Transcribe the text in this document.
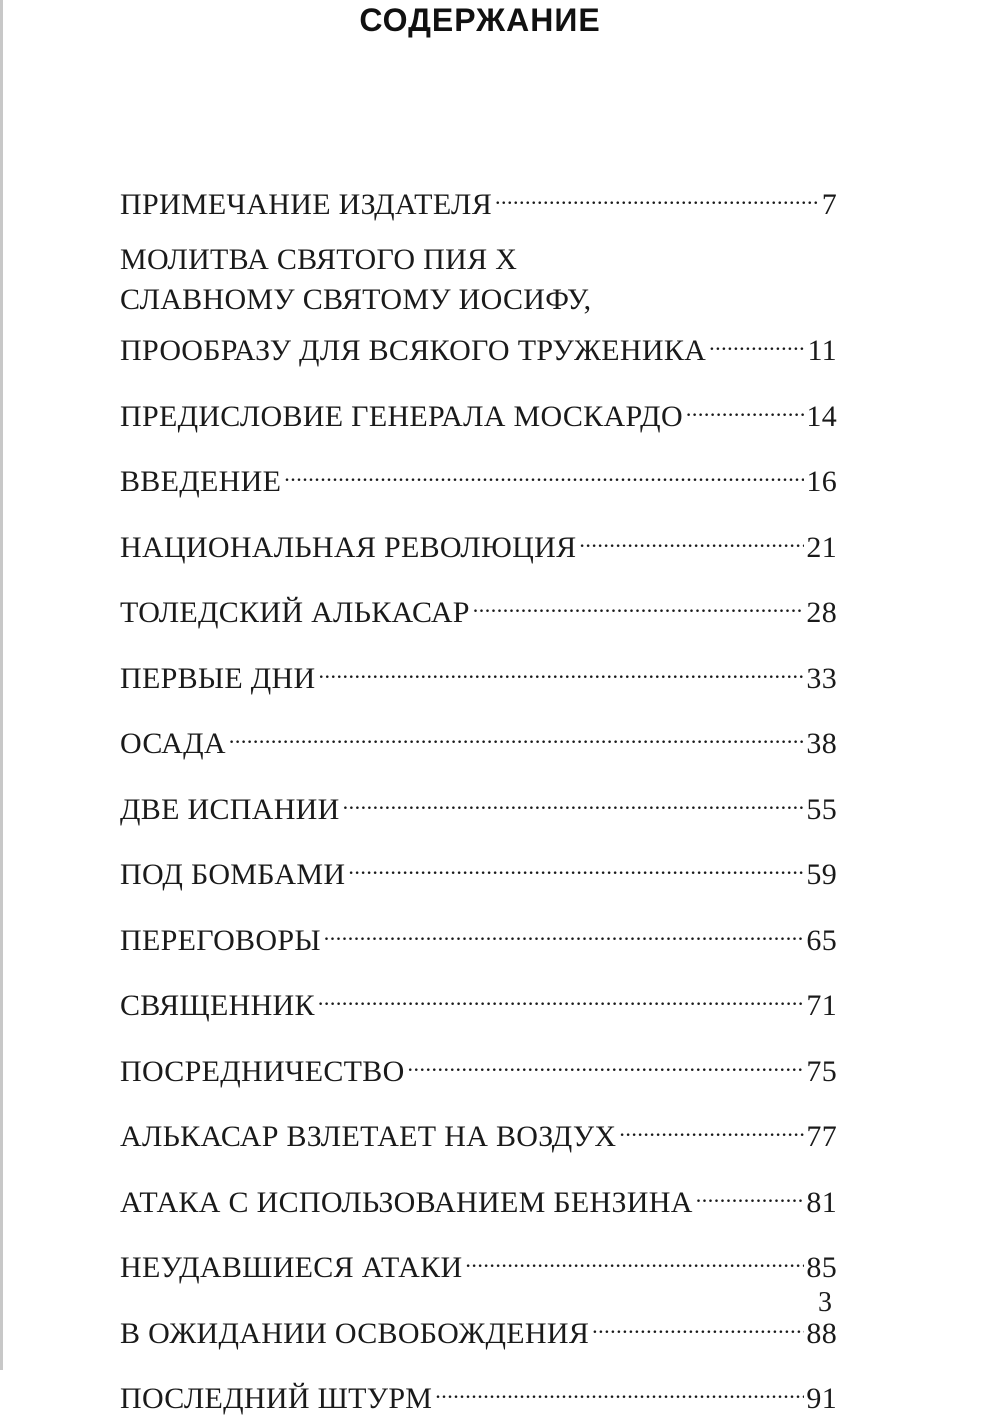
СОДЕРЖАНИЕ
ПРИМЕЧАНИЕ ИЗДАТЕЛЯ .....	7
МОЛИТВА СВЯТОГО ПИЯ Х
СЛАВНОМУ СВЯТОМУ ИОСИФУ,
ПРООБРАЗУ ДЛЯ ВСЯКОГО ТРУЖЕНИКА .....	11
ПРЕДИСЛОВИЕ ГЕНЕРАЛА МОСКАРДО .....	14
ВВЕДЕНИЕ .....	16
НАЦИОНАЛЬНАЯ РЕВОЛЮЦИЯ .....	21
ТОЛЕДСКИЙ АЛЬКАСАР .....	28
ПЕРВЫЕ ДНИ .....	33
ОСАДА .....	38
ДВЕ ИСПАНИИ .....	55
ПОД БОМБАМИ .....	59
ПЕРЕГОВОРЫ .....	65
СВЯЩЕННИК .....	71
ПОСРЕДНИЧЕСТВО .....	75
АЛЬКАСАР ВЗЛЕТАЕТ НА ВОЗДУХ .....	77
АТАКА С ИСПОЛЬЗОВАНИЕМ БЕНЗИНА .....	81
НЕУДАВШИЕСЯ АТАКИ .....	85
В ОЖИДАНИИ ОСВОБОЖДЕНИЯ .....	88
ПОСЛЕДНИЙ ШТУРМ .....	91
3
